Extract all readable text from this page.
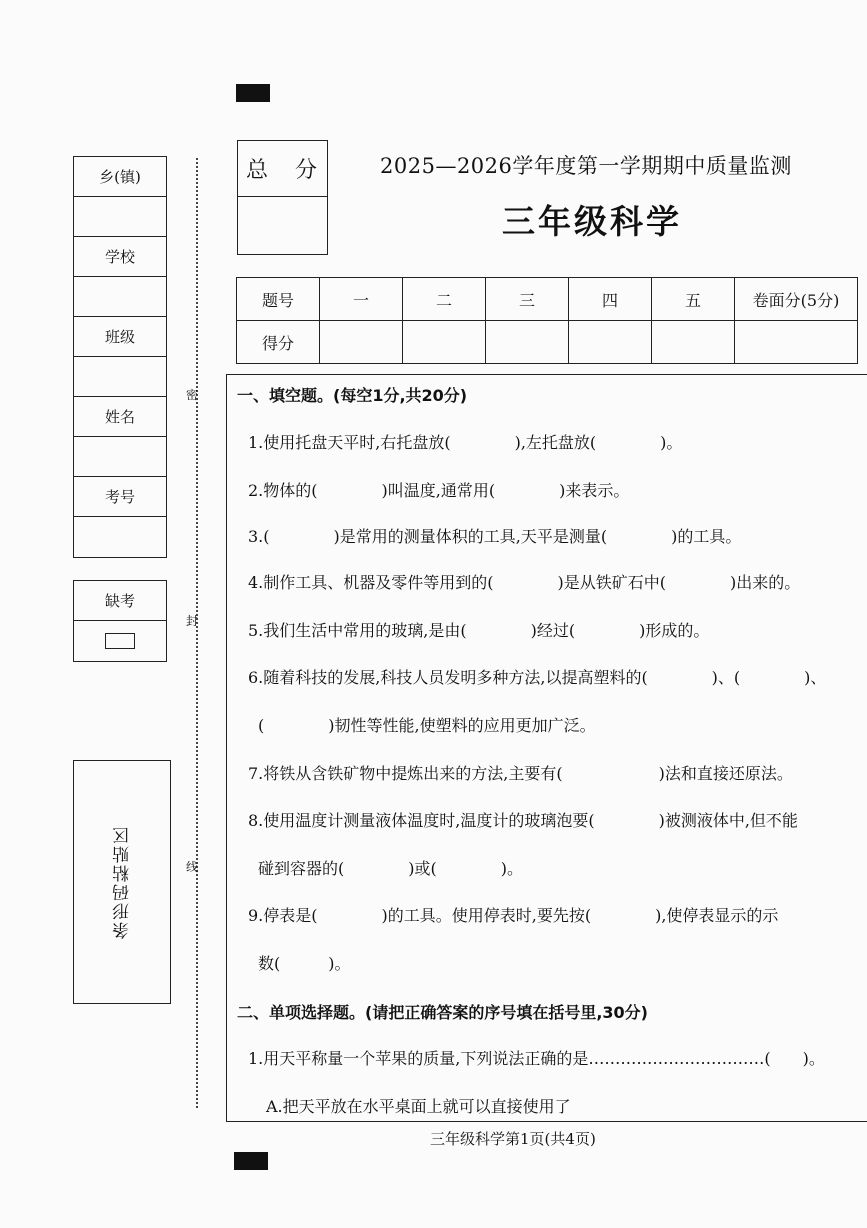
乡(镇)
学校
班级
姓名
考号
缺考
条形码粘贴区
密
封
线
总 分	2025—2026学年度第一学期期中质量监测
三年级科学
题号	一	二	三	四	五	卷面分(5分)
得分						
一、填空题。(每空1分,共20分)
1.使用托盘天平时,右托盘放(　　　　),左托盘放(　　　　)。
2.物体的(　　　　)叫温度,通常用(　　　　)来表示。
3.(　　　　)是常用的测量体积的工具,天平是测量(　　　　)的工具。
4.制作工具、机器及零件等用到的(　　　　)是从铁矿石中(　　　　)出来的。
5.我们生活中常用的玻璃,是由(　　　　)经过(　　　　)形成的。
6.随着科技的发展,科技人员发明多种方法,以提高塑料的(　　　　)、(　　　　)、
(　　　　)韧性等性能,使塑料的应用更加广泛。
7.将铁从含铁矿物中提炼出来的方法,主要有(　　　　　　)法和直接还原法。
8.使用温度计测量液体温度时,温度计的玻璃泡要(　　　　)被测液体中,但不能
碰到容器的(　　　　)或(　　　　)。
9.停表是(　　　　)的工具。使用停表时,要先按(　　　　),使停表显示的示
数(　　　)。
二、单项选择题。(请把正确答案的序号填在括号里,30分)
1.用天平称量一个苹果的质量,下列说法正确的是……………………………(　　)。
A.把天平放在水平桌面上就可以直接使用了
三年级科学第1页(共4页)
